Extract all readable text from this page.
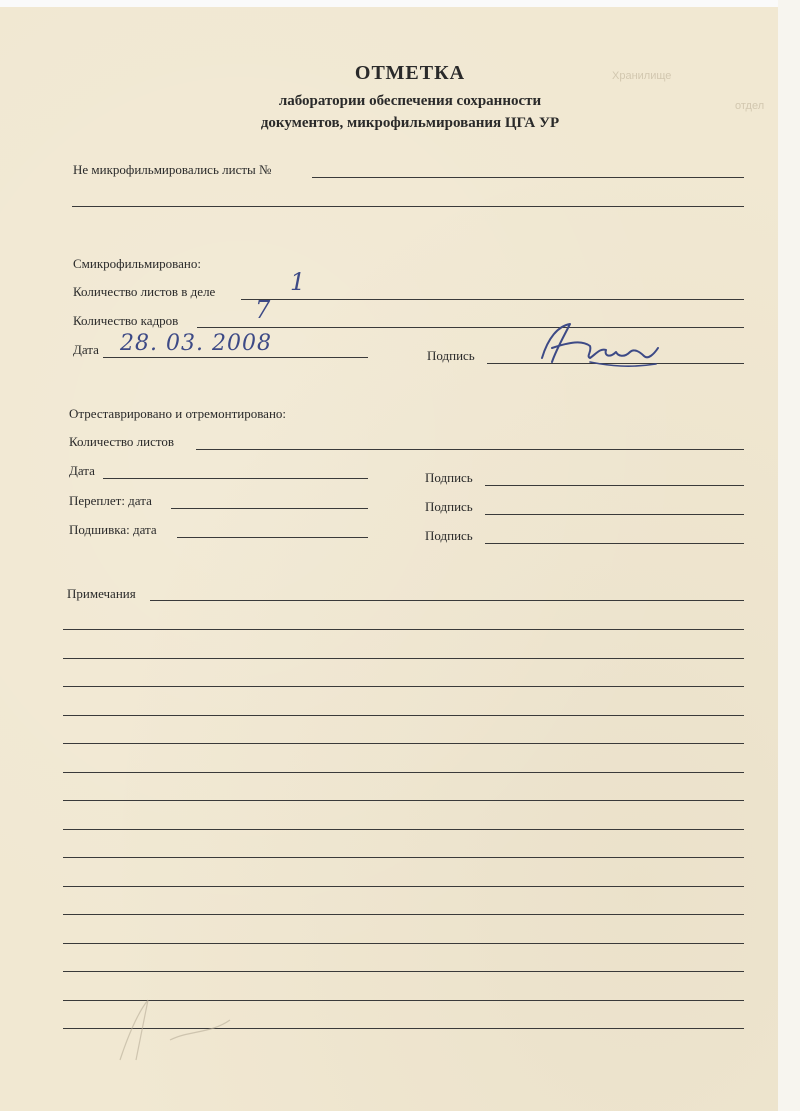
Хранилище
отдел
ОТМЕТКА
лаборатории обеспечения сохранности
документов, микрофильмирования ЦГА УР
Не микрофильмировались листы №
Смикрофильмировано:
Количество листов в деле	1
Количество кадров	7
Дата 28. 03. 2008	Подпись
Отреставрировано и отремонтировано:
Количество листов
Дата	Подпись
Переплет: дата	Подпись
Подшивка: дата	Подпись
Примечания
